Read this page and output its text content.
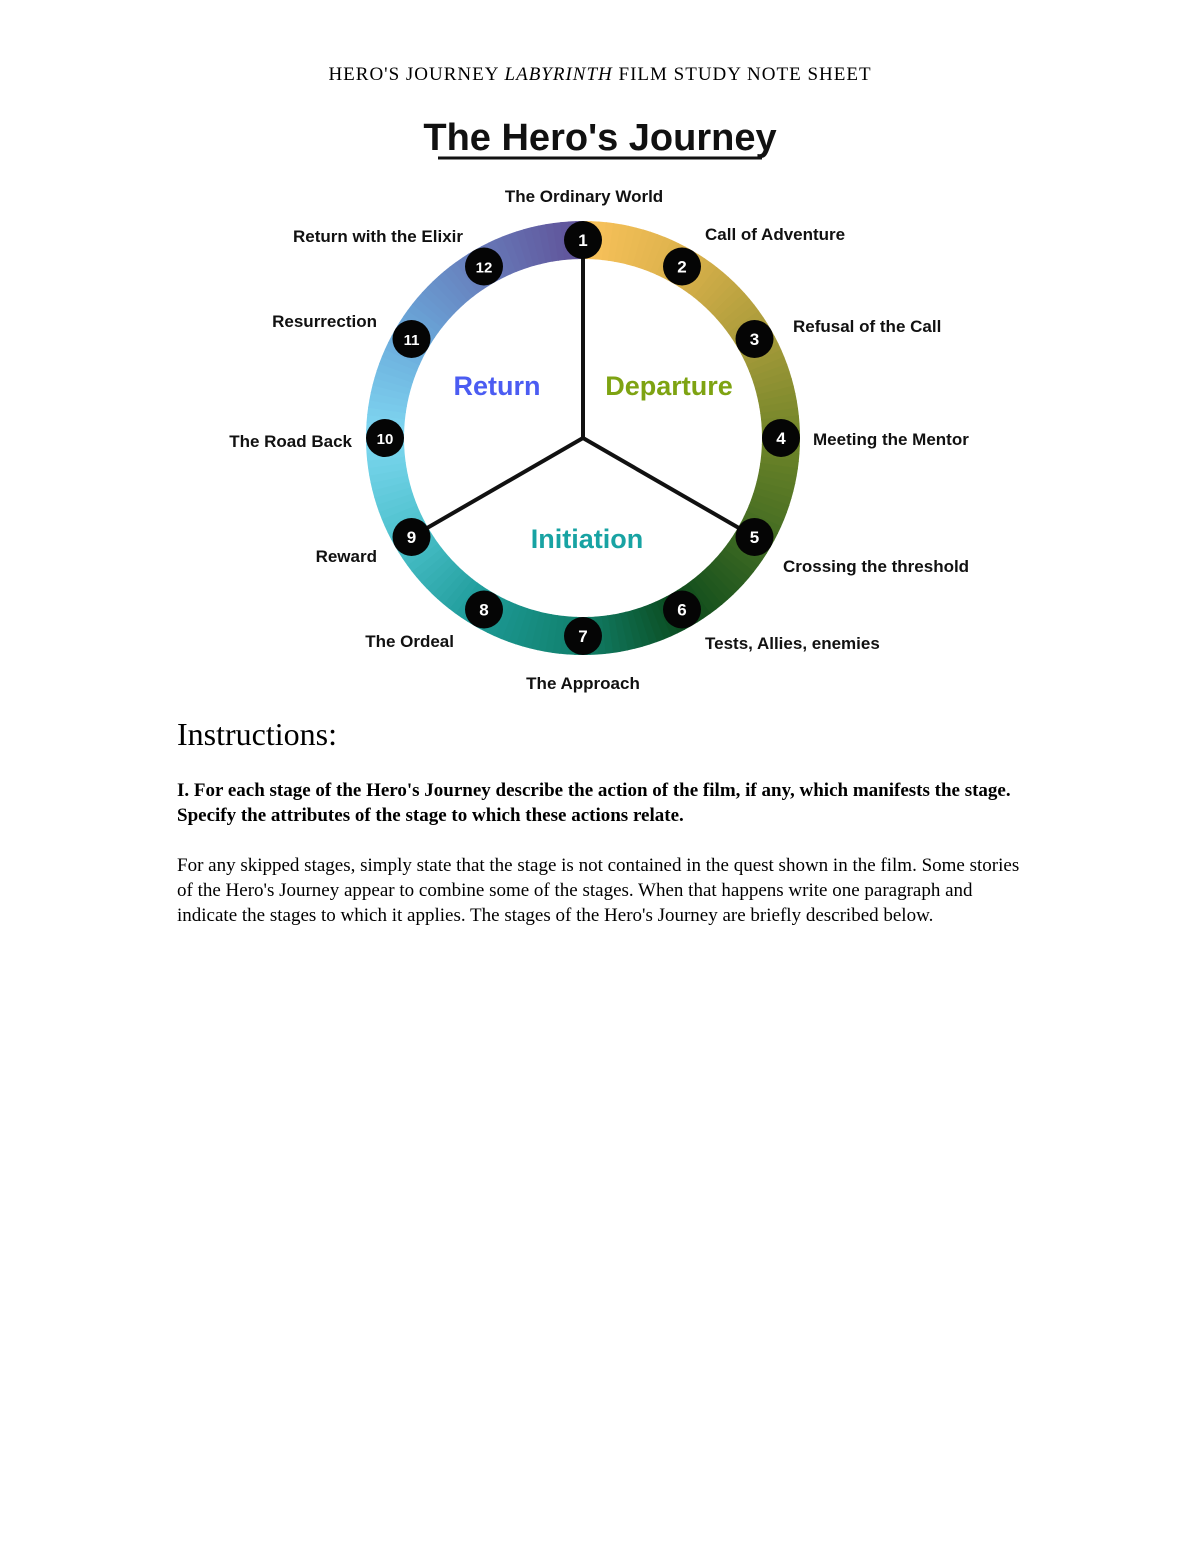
HERO'S JOURNEY LABYRINTH FILM STUDY NOTE SHEET
The Hero's Journey
Return Departure
Initiation
1
2
3
4
5
6
7
8
9
10
11
12
The Ordinary World
Call of Adventure
Refusal of the Call
Meeting the Mentor
Crossing the threshold
Tests, Allies, enemies
The Approach
The Ordeal
Reward
The Road Back
Resurrection
Return with the Elixir
Instructions:

I. For each stage of the Hero's Journey describe the action of the film, if any, which manifests the stage. Specify the attributes of the stage to which these actions relate.

For any skipped stages, simply state that the stage is not contained in the quest shown in the film. Some stories of the Hero's Journey appear to combine some of the stages. When that happens write one paragraph and indicate the stages to which it applies. The stages of the Hero's Journey are briefly described below.
